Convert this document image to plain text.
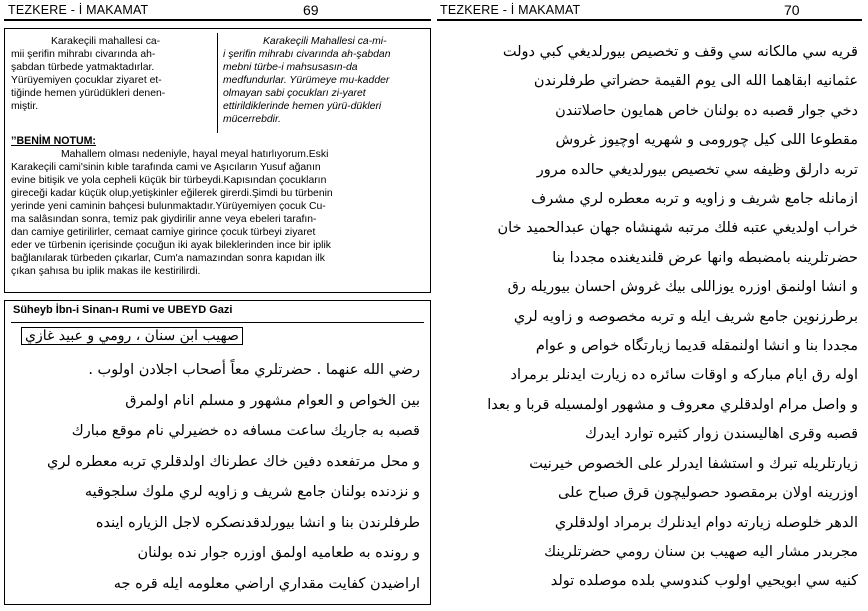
TEZKERE - İ MAKAMAT	69	TEZKERE - İ MAKAMAT	70

Karakeçili mahallesi ca-

mii şerifin mihrabı civarında ah-

şabdan türbede yatmaktadırlar.

Yürüyemiyen çocuklar ziyaret et-

tiğinde hemen yürüdükleri denen-

miştir.

Karakeçili Mahallesi ca-mi-

i şerifin mihrabı civarında ah-şabdan

mebni türbe-i mahsusasın-da

medfundurlar. Yürümeye mu-kadder

olmayan sabi çocukları zi-yaret

ettirildiklerinde hemen yürü-dükleri

mücerrebdir.

’’BENİM NOTUM:

Mahallem olması nedeniyle, hayal meyal hatırlıyorum.Eski

Karakeçili cami'sinin kıble tarafında cami ve Aşıcıların Yusuf ağanın

evine bitişik ve yola cepheli küçük bir türbeydi.Kapısından çocukların

gireceği kadar küçük olup,yetişkinler eğilerek girerdi.Şimdi bu türbenin

yerinde yeni caminin bahçesi bulunmaktadır.Yürüyemiyen çocuk Cu-

ma salâsından sonra, temiz pak giydirilir anne veya ebeleri tarafın-

dan camiye getirilirler, cemaat camiye girince çocuk türbeyi ziyaret

eder ve türbenin içerisinde çocuğun iki ayak bileklerinden ince bir iplik

bağlanılarak türbeden çıkarlar, Cum'a namazından sonra kapıdan ilk

çıkan şahısa bu iplik makas ile kestirilirdi.

Süheyb İbn-i Sinan-ı Rumi ve UBEYD Gazi
صهيب ابن سنان ، رومي و عبيد غازي
رضي الله عنهما . حضرتلري معاً أصحاب اجلادن اولوب .
بين الخواص و العوام مشهور و مسلم انام اولمرق
قصبه به جاريك ساعت مسافه ده خضيرلي نام موقع مبارك
و محل مرتفعده دفين خاك عطرناك اولدقلري تربه معطره لري
و نزدنده بولنان جامع شريف و زاويه لري ملوك سلجوقيه
طرفلرندن بنا و انشا بيورلدقدنصكره لاجل الزياره اينده
و رونده به طعاميه اولمق اوزره جوار نده بولنان
اراضيدن كفايت مقداري اراضي معلومه ايله قره جه
قريه سي مالكانه سي وقف و تخصيص بيورلديغي كبي دولت
عثمانيه ابقاهما الله الى يوم القيمة حضراتي طرفلرندن
دخي جوار قصبه ده بولنان خاص همايون حاصلاتندن
مقطوعا اللى كيل چورومى و شهريه اوچيوز غروش
تربه دارلق وظيفه سي تخصيص بيورلديغي حالده مرور
ازمانله جامع شريف و زاويه و تربه معطره لري مشرف
خراب اولديغي عتبه فلك مرتبه شهنشاه جهان عبدالحميد خان
حضرتلرينه بامضبطه وانها عرض قلنديغنده مجددا بنا
و انشا اولنمق اوزره يوزاللى بيك غروش احسان بيوريله رق
برطرزنوين جامع شريف ايله و تربه مخصوصه و زاويه لري
مجددا بنا و انشا اولنمقله قديما زيارتگاه خواص و عوام
اوله رق ايام مباركه و اوقات سائره ده زيارت ايدنلر برمراد
و واصل مرام اولدقلري معروف و مشهور اولمسيله قربا و بعدا
قصبه وقرى اهاليسندن زوار كثيره توارد ايدرك
زيارتلريله تبرك و استشفا ايدرلر على الخصوص خيرنيت
اوزرينه اولان برمقصود حصوليچون قرق صباح على
الدهر خلوصله زيارته دوام ايدنلرك برمراد اولدقلري
مجربدر مشار اليه صهيب بن سنان رومي حضرتلرينك
كنيه سي ابويحيي اولوب كندوسي بلده موصلده تولد
